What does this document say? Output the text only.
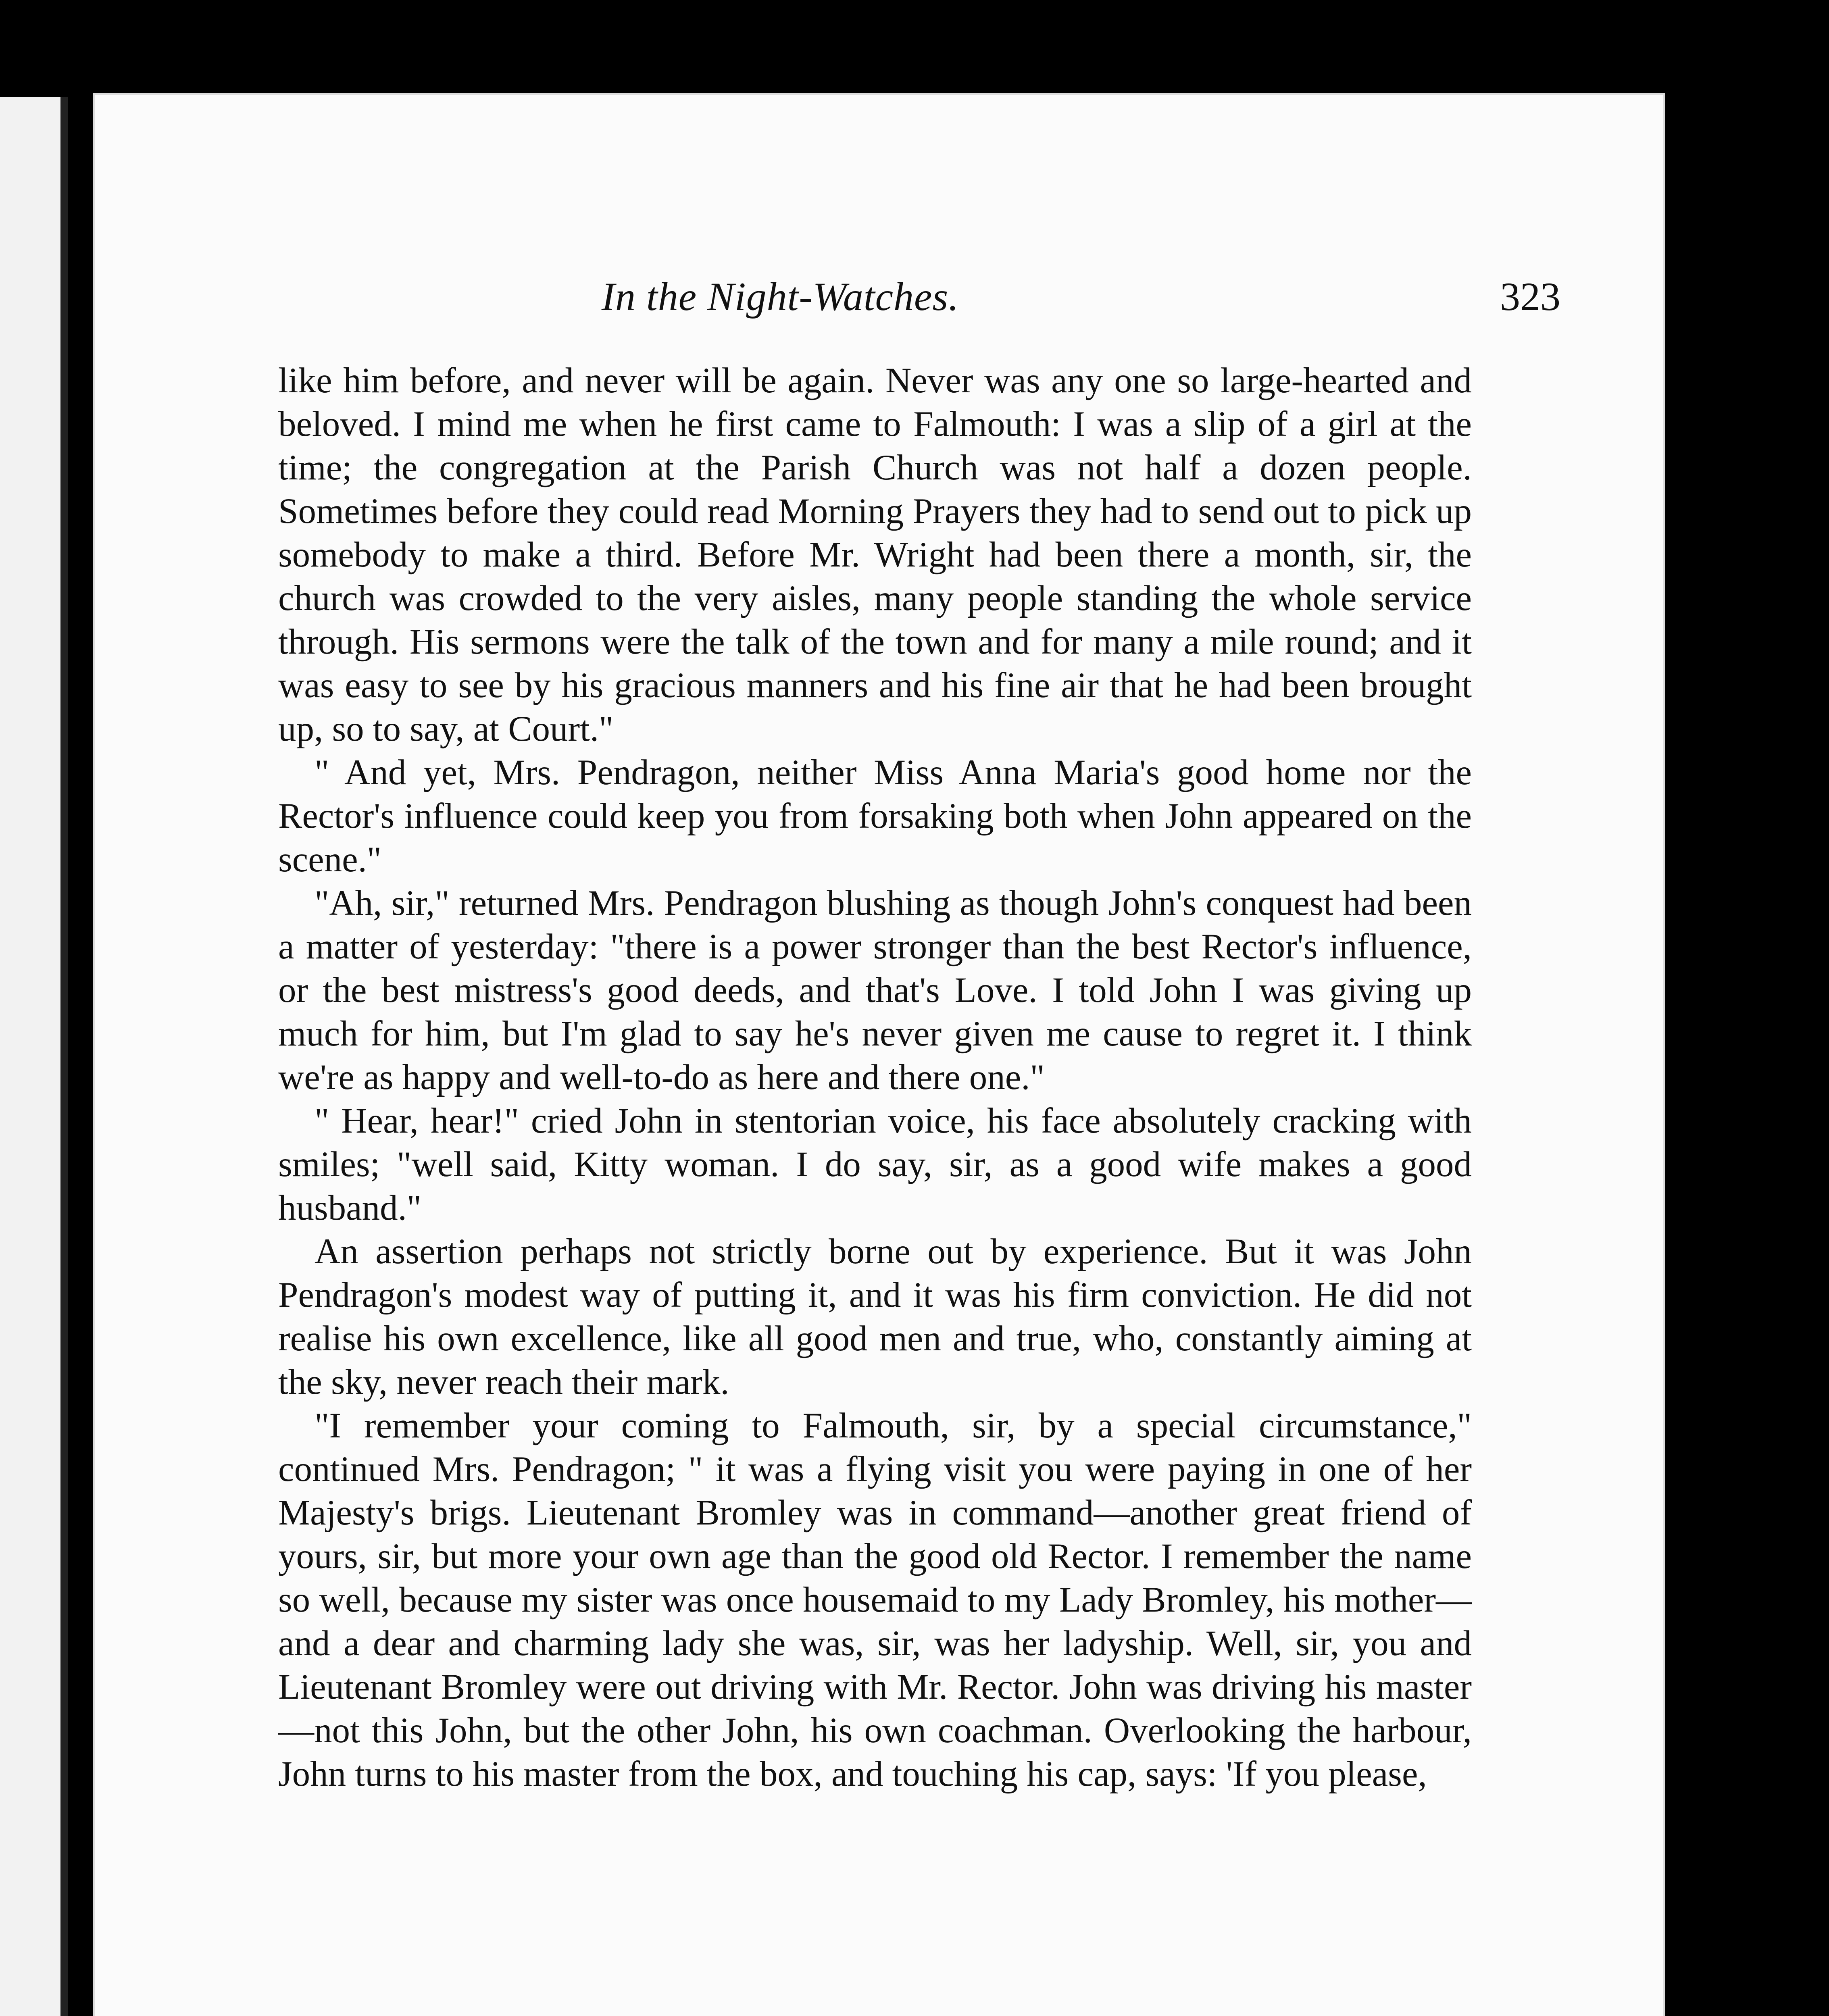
In the Night-Watches.	323

like him before, and never will be again. Never was any one so large-hearted and beloved. I mind me when he first came to Falmouth: I was a slip of a girl at the time; the congregation at the Parish Church was not half a dozen people. Sometimes before they could read Morning Prayers they had to send out to pick up somebody to make a third. Before Mr. Wright had been there a month, sir, the church was crowded to the very aisles, many people standing the whole service through. His sermons were the talk of the town and for many a mile round; and it was easy to see by his gracious manners and his fine air that he had been brought up, so to say, at Court."

" And yet, Mrs. Pendragon, neither Miss Anna Maria's good home nor the Rector's influence could keep you from forsaking both when John appeared on the scene."

"Ah, sir," returned Mrs. Pendragon blushing as though John's conquest had been a matter of yesterday: "there is a power stronger than the best Rector's influence, or the best mistress's good deeds, and that's Love. I told John I was giving up much for him, but I'm glad to say he's never given me cause to regret it. I think we're as happy and well-to-do as here and there one."

" Hear, hear!" cried John in stentorian voice, his face absolutely cracking with smiles; "well said, Kitty woman. I do say, sir, as a good wife makes a good husband."

An assertion perhaps not strictly borne out by experience. But it was John Pendragon's modest way of putting it, and it was his firm conviction. He did not realise his own excellence, like all good men and true, who, constantly aiming at the sky, never reach their mark.

"I remember your coming to Falmouth, sir, by a special circumstance," continued Mrs. Pendragon; " it was a flying visit you were paying in one of her Majesty's brigs. Lieutenant Bromley was in command—another great friend of yours, sir, but more your own age than the good old Rector. I remember the name so well, because my sister was once housemaid to my Lady Bromley, his mother—and a dear and charming lady she was, sir, was her ladyship. Well, sir, you and Lieutenant Bromley were out driving with Mr. Rector. John was driving his master—not this John, but the other John, his own coachman. Overlooking the harbour, John turns to his master from the box, and touching his cap, says: 'If you please,
